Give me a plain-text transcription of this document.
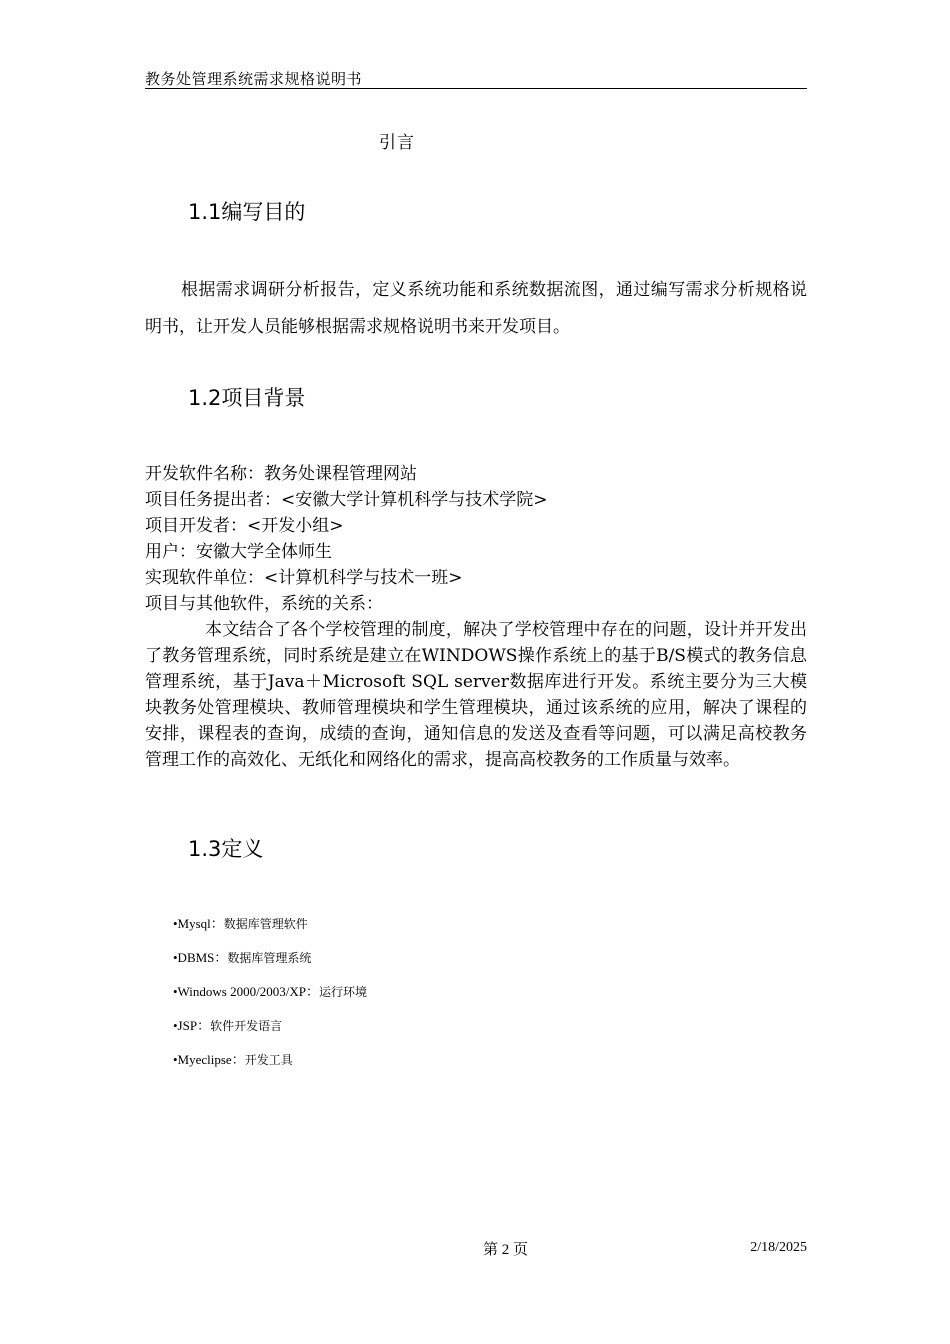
教务处管理系统需求规格说明书
引言
1.1编写目的
根据需求调研分析报告，定义系统功能和系统数据流图，通过编写需求分析规格说明书，让开发人员能够根据需求规格说明书来开发项目。
1.2项目背景
开发软件名称：教务处课程管理网站
项目任务提出者：<安徽大学计算机科学与技术学院>
项目开发者：<开发小组>
用户：安徽大学全体师生
实现软件单位：<计算机科学与技术一班>
项目与其他软件，系统的关系：
本文结合了各个学校管理的制度，解决了学校管理中存在的问题，设计并开发出了教务管理系统，同时系统是建立在WINDOWS操作系统上的基于B/S模式的教务信息管理系统，基于Java＋Microsoft SQL server数据库进行开发。系统主要分为三大模块教务处管理模块、教师管理模块和学生管理模块，通过该系统的应用，解决了课程的安排，课程表的查询，成绩的查询，通知信息的发送及查看等问题，可以满足高校教务管理工作的高效化、无纸化和网络化的需求，提高高校教务的工作质量与效率。
1.3定义
•Mysql：数据库管理软件
•DBMS：数据库管理系统
•Windows 2000/2003/XP：运行环境
•JSP：软件开发语言
•Myeclipse：开发工具
第 2 页	2/18/2025
